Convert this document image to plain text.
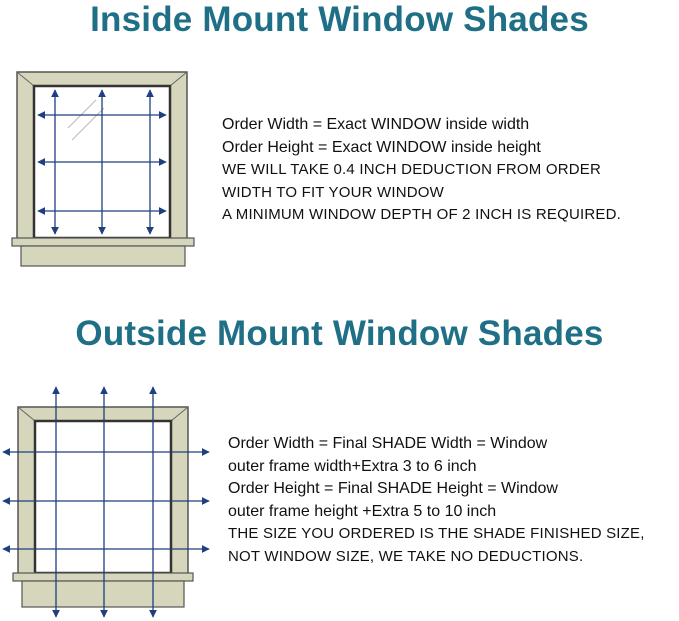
Inside Mount Window Shades
Order Width = Exact WINDOW inside width
Order Height = Exact WINDOW inside height
WE WILL TAKE 0.4 INCH DEDUCTION FROM ORDER
WIDTH TO FIT YOUR WINDOW
A MINIMUM WINDOW DEPTH OF 2 INCH IS REQUIRED.
Outside Mount Window Shades
Order Width = Final SHADE Width = Window
outer frame width+Extra 3 to 6 inch
Order Height = Final SHADE Height = Window
outer frame height +Extra 5 to 10 inch
THE SIZE YOU ORDERED IS THE SHADE FINISHED SIZE,
NOT WINDOW SIZE, WE TAKE NO DEDUCTIONS.
